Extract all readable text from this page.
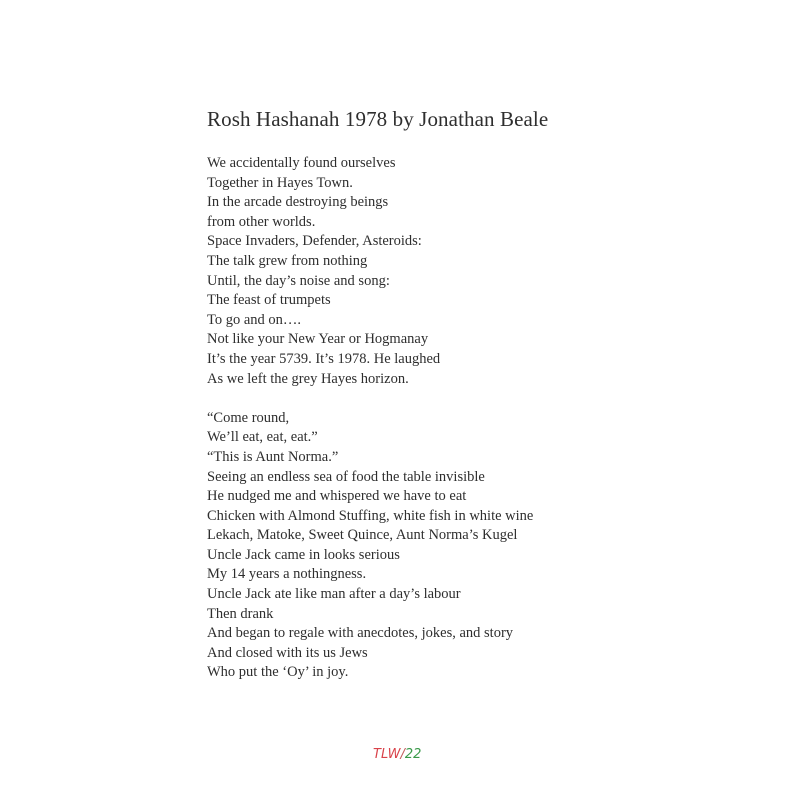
Rosh Hashanah 1978 by Jonathan Beale
We accidentally found ourselves
Together in Hayes Town.
In the arcade destroying beings
from other worlds.
Space Invaders, Defender, Asteroids:
The talk grew from nothing
Until, the day’s noise and song:
The feast of trumpets
To go and on….
Not like your New Year or Hogmanay
It’s the year 5739. It’s 1978. He laughed
As we left the grey Hayes horizon.
“Come round,
We’ll eat, eat, eat.”
“This is Aunt Norma.”
Seeing an endless sea of food the table invisible
He nudged me and whispered we have to eat
Chicken with Almond Stuffing, white fish in white wine
Lekach, Matoke, Sweet Quince, Aunt Norma’s Kugel
Uncle Jack came in looks serious
My 14 years a nothingness.
Uncle Jack ate like man after a day’s labour
Then drank
And began to regale with anecdotes, jokes, and story
And closed with its us Jews
Who put the ‘Oy’ in joy.
TLW/22
